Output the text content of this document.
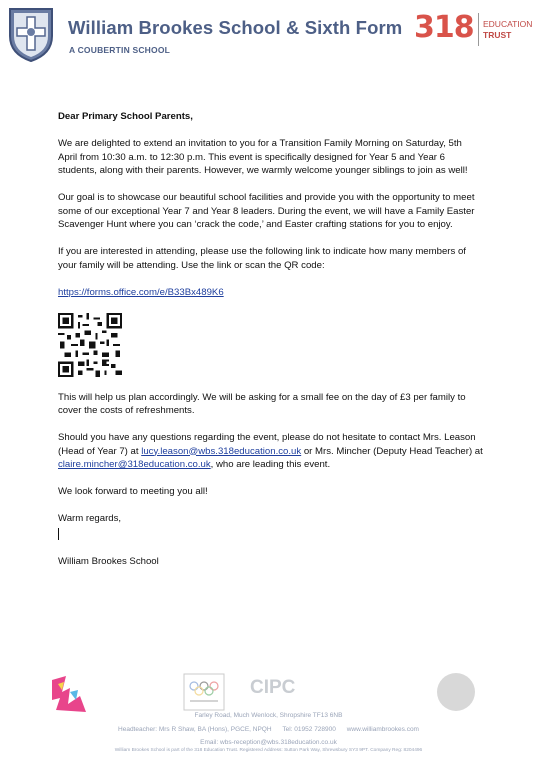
William Brookes School & Sixth Form
A COUBERTIN SCHOOL
318 EDUCATION
TRUST

Dear Primary School Parents,

We are delighted to extend an invitation to you for a Transition Family Morning on Saturday, 5th April from 10:30 a.m. to 12:30 p.m. This event is specifically designed for Year 5 and Year 6 students, along with their parents. However, we warmly welcome younger siblings to join as well!

Our goal is to showcase our beautiful school facilities and provide you with the opportunity to meet some of our exceptional Year 7 and Year 8 leaders. During the event, we will have a Family Easter Scavenger Hunt where you can ‘crack the code,’ and Easter crafting stations for you to enjoy.

If you are interested in attending, please use the following link to indicate how many members of your family will be attending. Use the link or scan the QR code:

https://forms.office.com/e/B33Bx489K6

This will help us plan accordingly. We will be asking for a small fee on the day of £3 per family to cover the costs of refreshments.

Should you have any questions regarding the event, please do not hesitate to contact Mrs. Leason (Head of Year 7) at lucy.leason@wbs.318education.co.uk or Mrs. Mincher (Deputy Head Teacher) at claire.mincher@318education.co.uk, who are leading this event.

We look forward to meeting you all!

Warm regards,

William Brookes School

CIPC
Farley Road, Much Wenlock, Shropshire TF13 6NB
Headteacher: Mrs R Shaw, BA (Hons), PGCE, NPQH Tel: 01952 728900 www.williambrookes.com
Email: wbs-reception@wbs.318education.co.uk
William Brookes School is part of the 318 Education Trust. Registered Address: Sutton Park Way, Shrewsbury SY3 9PT. Company Reg: 8204496
